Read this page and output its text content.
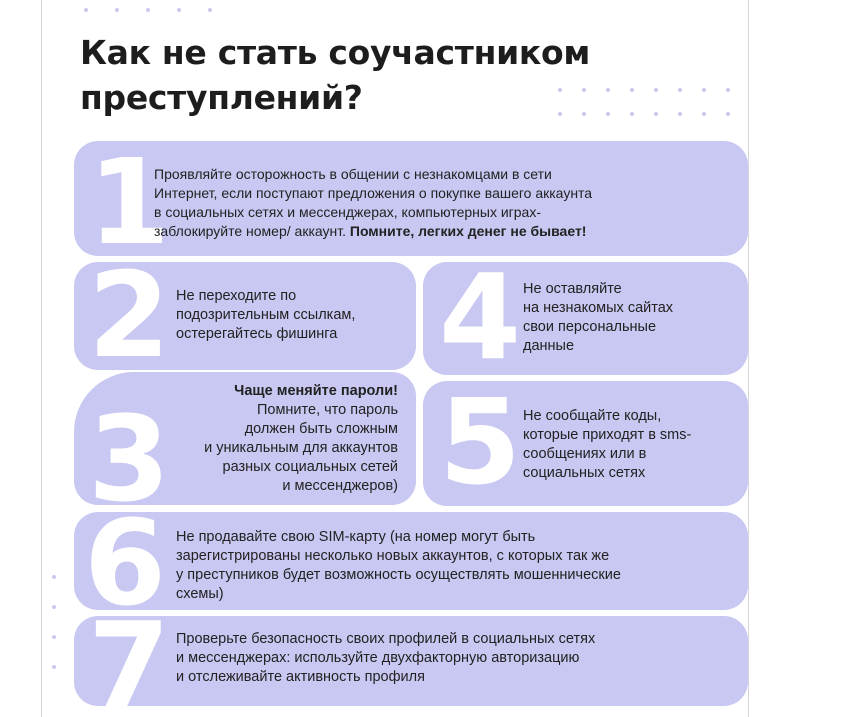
Как не стать соучастником
преступлений?
1
Проявляйте осторожность в общении с незнакомцами в сети
Интернет, если поступают предложения о покупке вашего аккаунта
в социальных сетях и мессенджерах, компьютерных играх-
заблокируйте номер/ аккаунт. Помните, легких денег не бывает!
2 Не переходите по
подозрительным ссылкам,
остерегайтесь фишинга
3	Чаще меняйте пароли!
Помните, что пароль
должен быть сложным
и уникальным для аккаунтов
разных социальных сетей
и мессенджеров)
4 Не оставляйте
на незнакомых сайтах
свои персональные
данные
5 Не сообщайте коды,
которые приходят в sms-
сообщениях или в
социальных сетях
6 Не продавайте свою SIM-карту (на номер могут быть
зарегистрированы несколько новых аккаунтов, с которых так же
у преступников будет возможность осуществлять мошеннические
схемы)
7 Проверьте безопасность своих профилей в социальных сетях
и мессенджерах: используйте двухфакторную авторизацию
и отслеживайте активность профиля
